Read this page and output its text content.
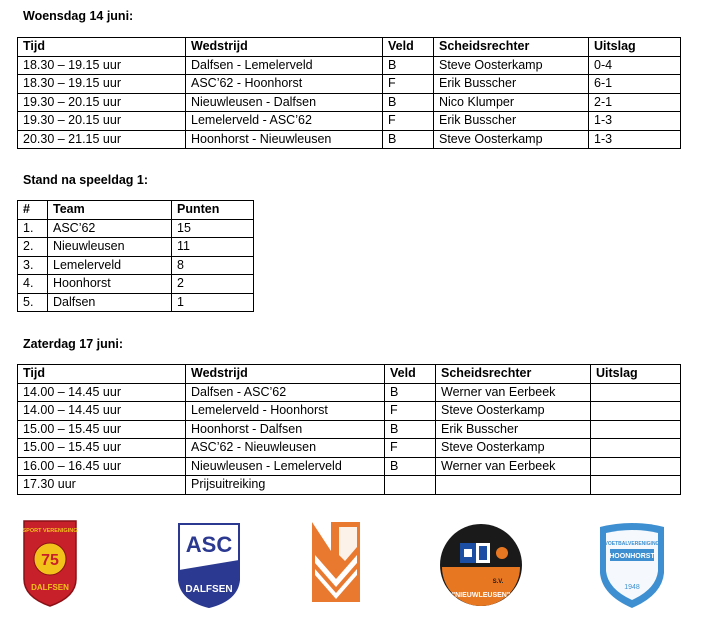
Woensdag 14 juni:
Tijd	Wedstrijd	Veld	Scheidsrechter	Uitslag
18.30 – 19.15 uur	Dalfsen - Lemelerveld	B	Steve Oosterkamp	0-4
18.30 – 19.15 uur	ASC’62 - Hoonhorst	F	Erik Busscher	6-1
19.30 – 20.15 uur	Nieuwleusen - Dalfsen	B	Nico Klumper	2-1
19.30 – 20.15 uur	Lemelerveld - ASC’62	F	Erik Busscher	1-3
20.30 – 21.15 uur	Hoonhorst - Nieuwleusen	B	Steve Oosterkamp	1-3
Stand na speeldag 1:
#	Team	Punten
1.	ASC’62	15
2.	Nieuwleusen	11
3.	Lemelerveld	8
4.	Hoonhorst	2
5.	Dalfsen	1
Zaterdag 17 juni:
Tijd	Wedstrijd	Veld	Scheidsrechter	Uitslag
14.00 – 14.45 uur	Dalfsen - ASC’62	B	Werner van Eerbeek	
14.00 – 14.45 uur	Lemelerveld - Hoonhorst	F	Steve Oosterkamp	
15.00 – 15.45 uur	Hoonhorst - Dalfsen	B	Erik Busscher	
15.00 – 15.45 uur	ASC’62 - Nieuwleusen	F	Steve Oosterkamp	
16.00 – 16.45 uur	Nieuwleusen - Lemelerveld	B	Werner van Eerbeek	
17.30 uur	Prijsuitreiking			
SPORT VERENIGING
75
DALFSEN
ASC
DALFSEN
S.V.
"NIEUWLEUSEN"
VOETBALVERENIGING
HOONHORST
1948
